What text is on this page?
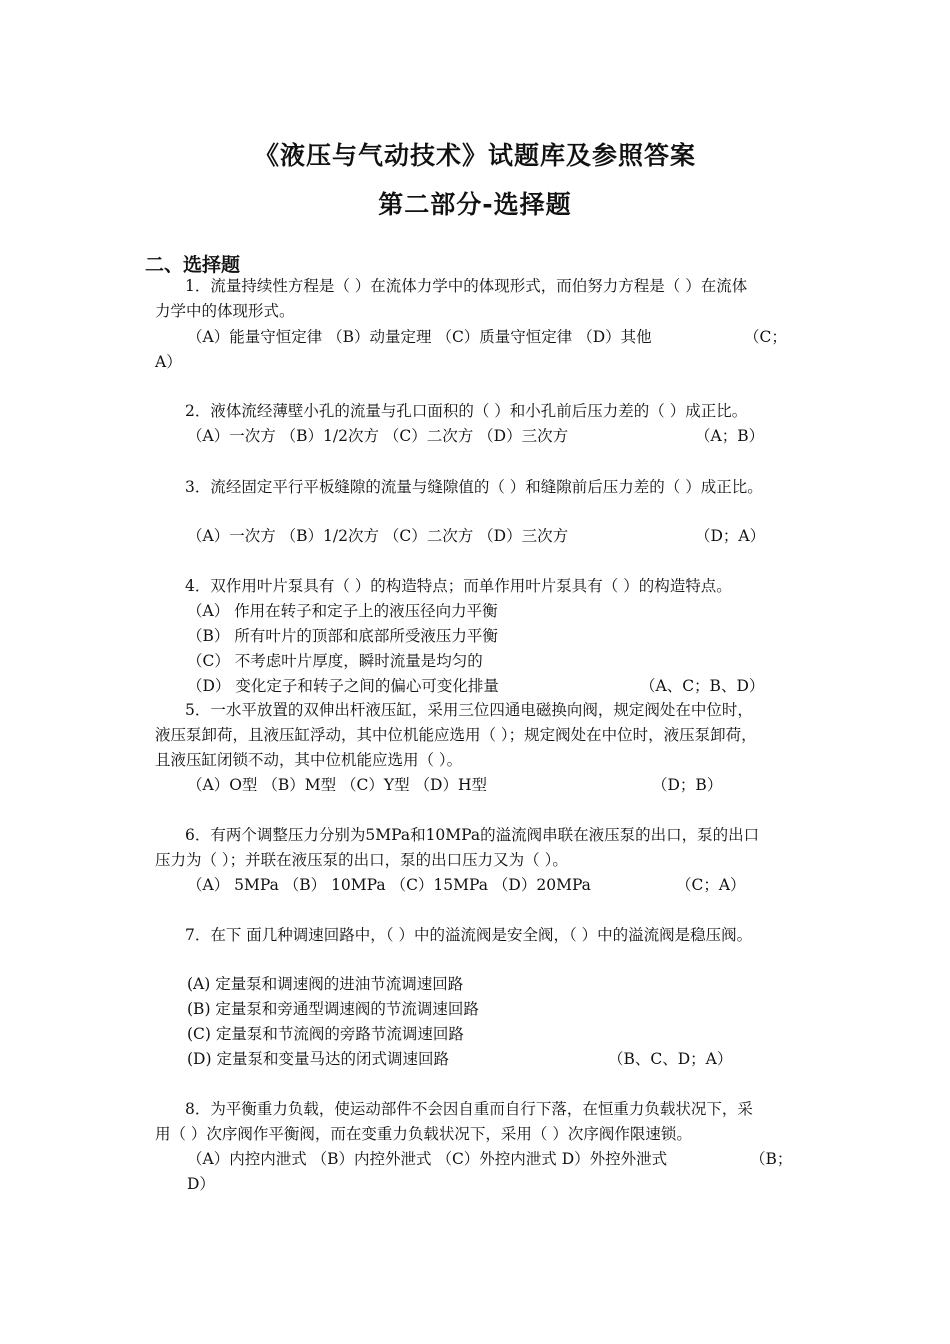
《液压与气动技术》试题库及参照答案
第二部分-选择题
二、选择题
1．流量持续性方程是（ ）在流体力学中的体现形式，而伯努力方程是（ ）在流体
力学中的体现形式。
（A）能量守恒定律 （B）动量定理 （C）质量守恒定律 （D）其他	（C；
A）
2．液体流经薄壁小孔的流量与孔口面积的（ ）和小孔前后压力差的（ ）成正比。
（A）一次方 （B）1/2次方 （C）二次方 （D）三次方	（A；B）
3．流经固定平行平板缝隙的流量与缝隙值的（ ）和缝隙前后压力差的（ ）成正比。
（A）一次方 （B）1/2次方 （C）二次方 （D）三次方	（D；A）
4．双作用叶片泵具有（ ）的构造特点；而单作用叶片泵具有（ ）的构造特点。
（A） 作用在转子和定子上的液压径向力平衡
（B） 所有叶片的顶部和底部所受液压力平衡
（C） 不考虑叶片厚度，瞬时流量是均匀的
（D） 变化定子和转子之间的偏心可变化排量	（A、C；B、D）
5．一水平放置的双伸出杆液压缸，采用三位四通电磁换向阀，规定阀处在中位时，
液压泵卸荷，且液压缸浮动，其中位机能应选用（ ）；规定阀处在中位时，液压泵卸荷，
且液压缸闭锁不动，其中位机能应选用（ ）。
（A）O型 （B）M型 （C）Y型 （D）H型	（D；B）
6．有两个调整压力分别为5MPa和10MPa的溢流阀串联在液压泵的出口，泵的出口
压力为（ ）；并联在液压泵的出口，泵的出口压力又为（ ）。
（A） 5MPa （B） 10MPa （C）15MPa （D）20MPa	（C；A）
7．在下 面几种调速回路中，（ ）中的溢流阀是安全阀，（ ）中的溢流阀是稳压阀。
(A) 定量泵和调速阀的进油节流调速回路
(B) 定量泵和旁通型调速阀的节流调速回路
(C) 定量泵和节流阀的旁路节流调速回路
(D) 定量泵和变量马达的闭式调速回路	（B、C、D；A）
8．为平衡重力负载，使运动部件不会因自重而自行下落，在恒重力负载状况下，采
用（ ）次序阀作平衡阀，而在变重力负载状况下，采用（ ）次序阀作限速锁。
（A）内控内泄式 （B）内控外泄式 （C）外控内泄式 D）外控外泄式	（B；
D）
